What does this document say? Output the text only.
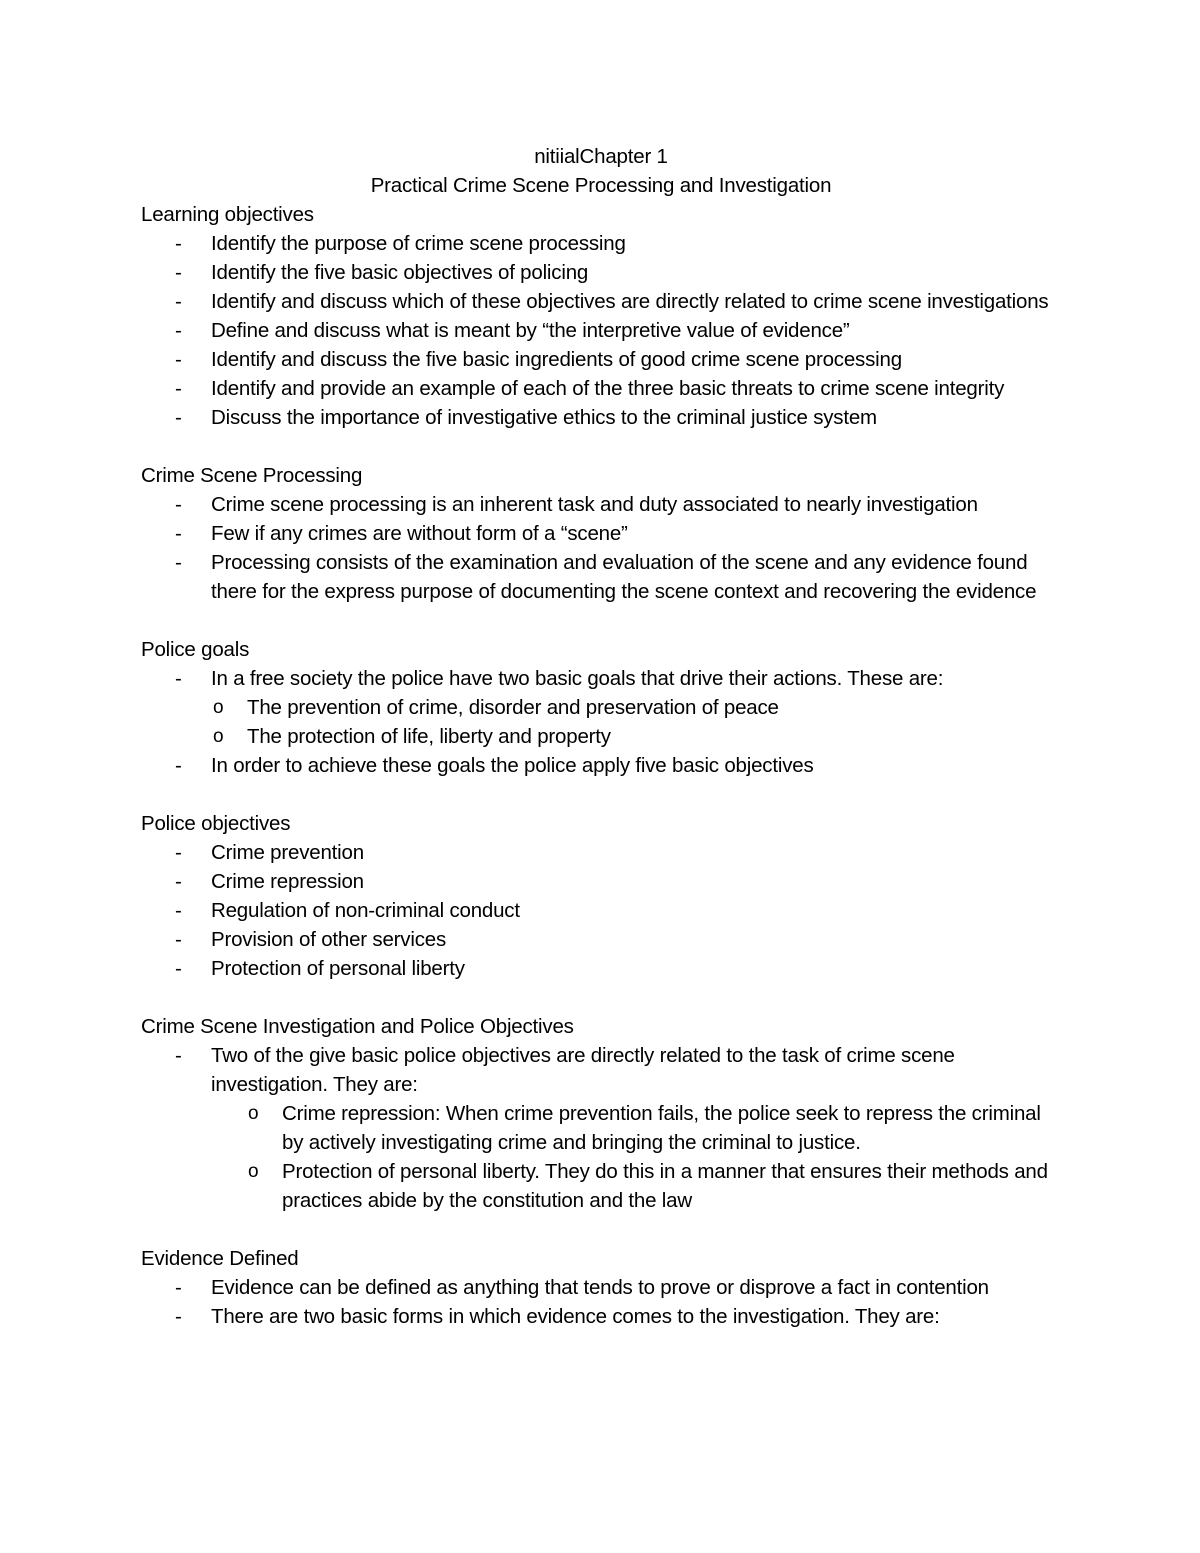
nitiialChapter 1

Practical Crime Scene Processing and Investigation

Learning objectives

- Identify the purpose of crime scene processing
- Identify the five basic objectives of policing
- Identify and discuss which of these objectives are directly related to crime scene investigations
- Define and discuss what is meant by “the interpretive value of evidence”
- Identify and discuss the five basic ingredients of good crime scene processing
- Identify and provide an example of each of the three basic threats to crime scene integrity
- Discuss the importance of investigative ethics to the criminal justice system

Crime Scene Processing

- Crime scene processing is an inherent task and duty associated to nearly investigation
- Few if any crimes are without form of a “scene”
- Processing consists of the examination and evaluation of the scene and any evidence found there for the express purpose of documenting the scene context and recovering the evidence

Police goals

- In a free society the police have two basic goals that drive their actions. These are:
o The prevention of crime, disorder and preservation of peace
o The protection of life, liberty and property
- In order to achieve these goals the police apply five basic objectives

Police objectives

- Crime prevention
- Crime repression
- Regulation of non-criminal conduct
- Provision of other services
- Protection of personal liberty

Crime Scene Investigation and Police Objectives

- Two of the give basic police objectives are directly related to the task of crime scene investigation. They are:
o Crime repression: When crime prevention fails, the police seek to repress the criminal by actively investigating crime and bringing the criminal to justice.
o Protection of personal liberty. They do this in a manner that ensures their methods and practices abide by the constitution and the law

Evidence Defined

- Evidence can be defined as anything that tends to prove or disprove a fact in contention
- There are two basic forms in which evidence comes to the investigation. They are:
